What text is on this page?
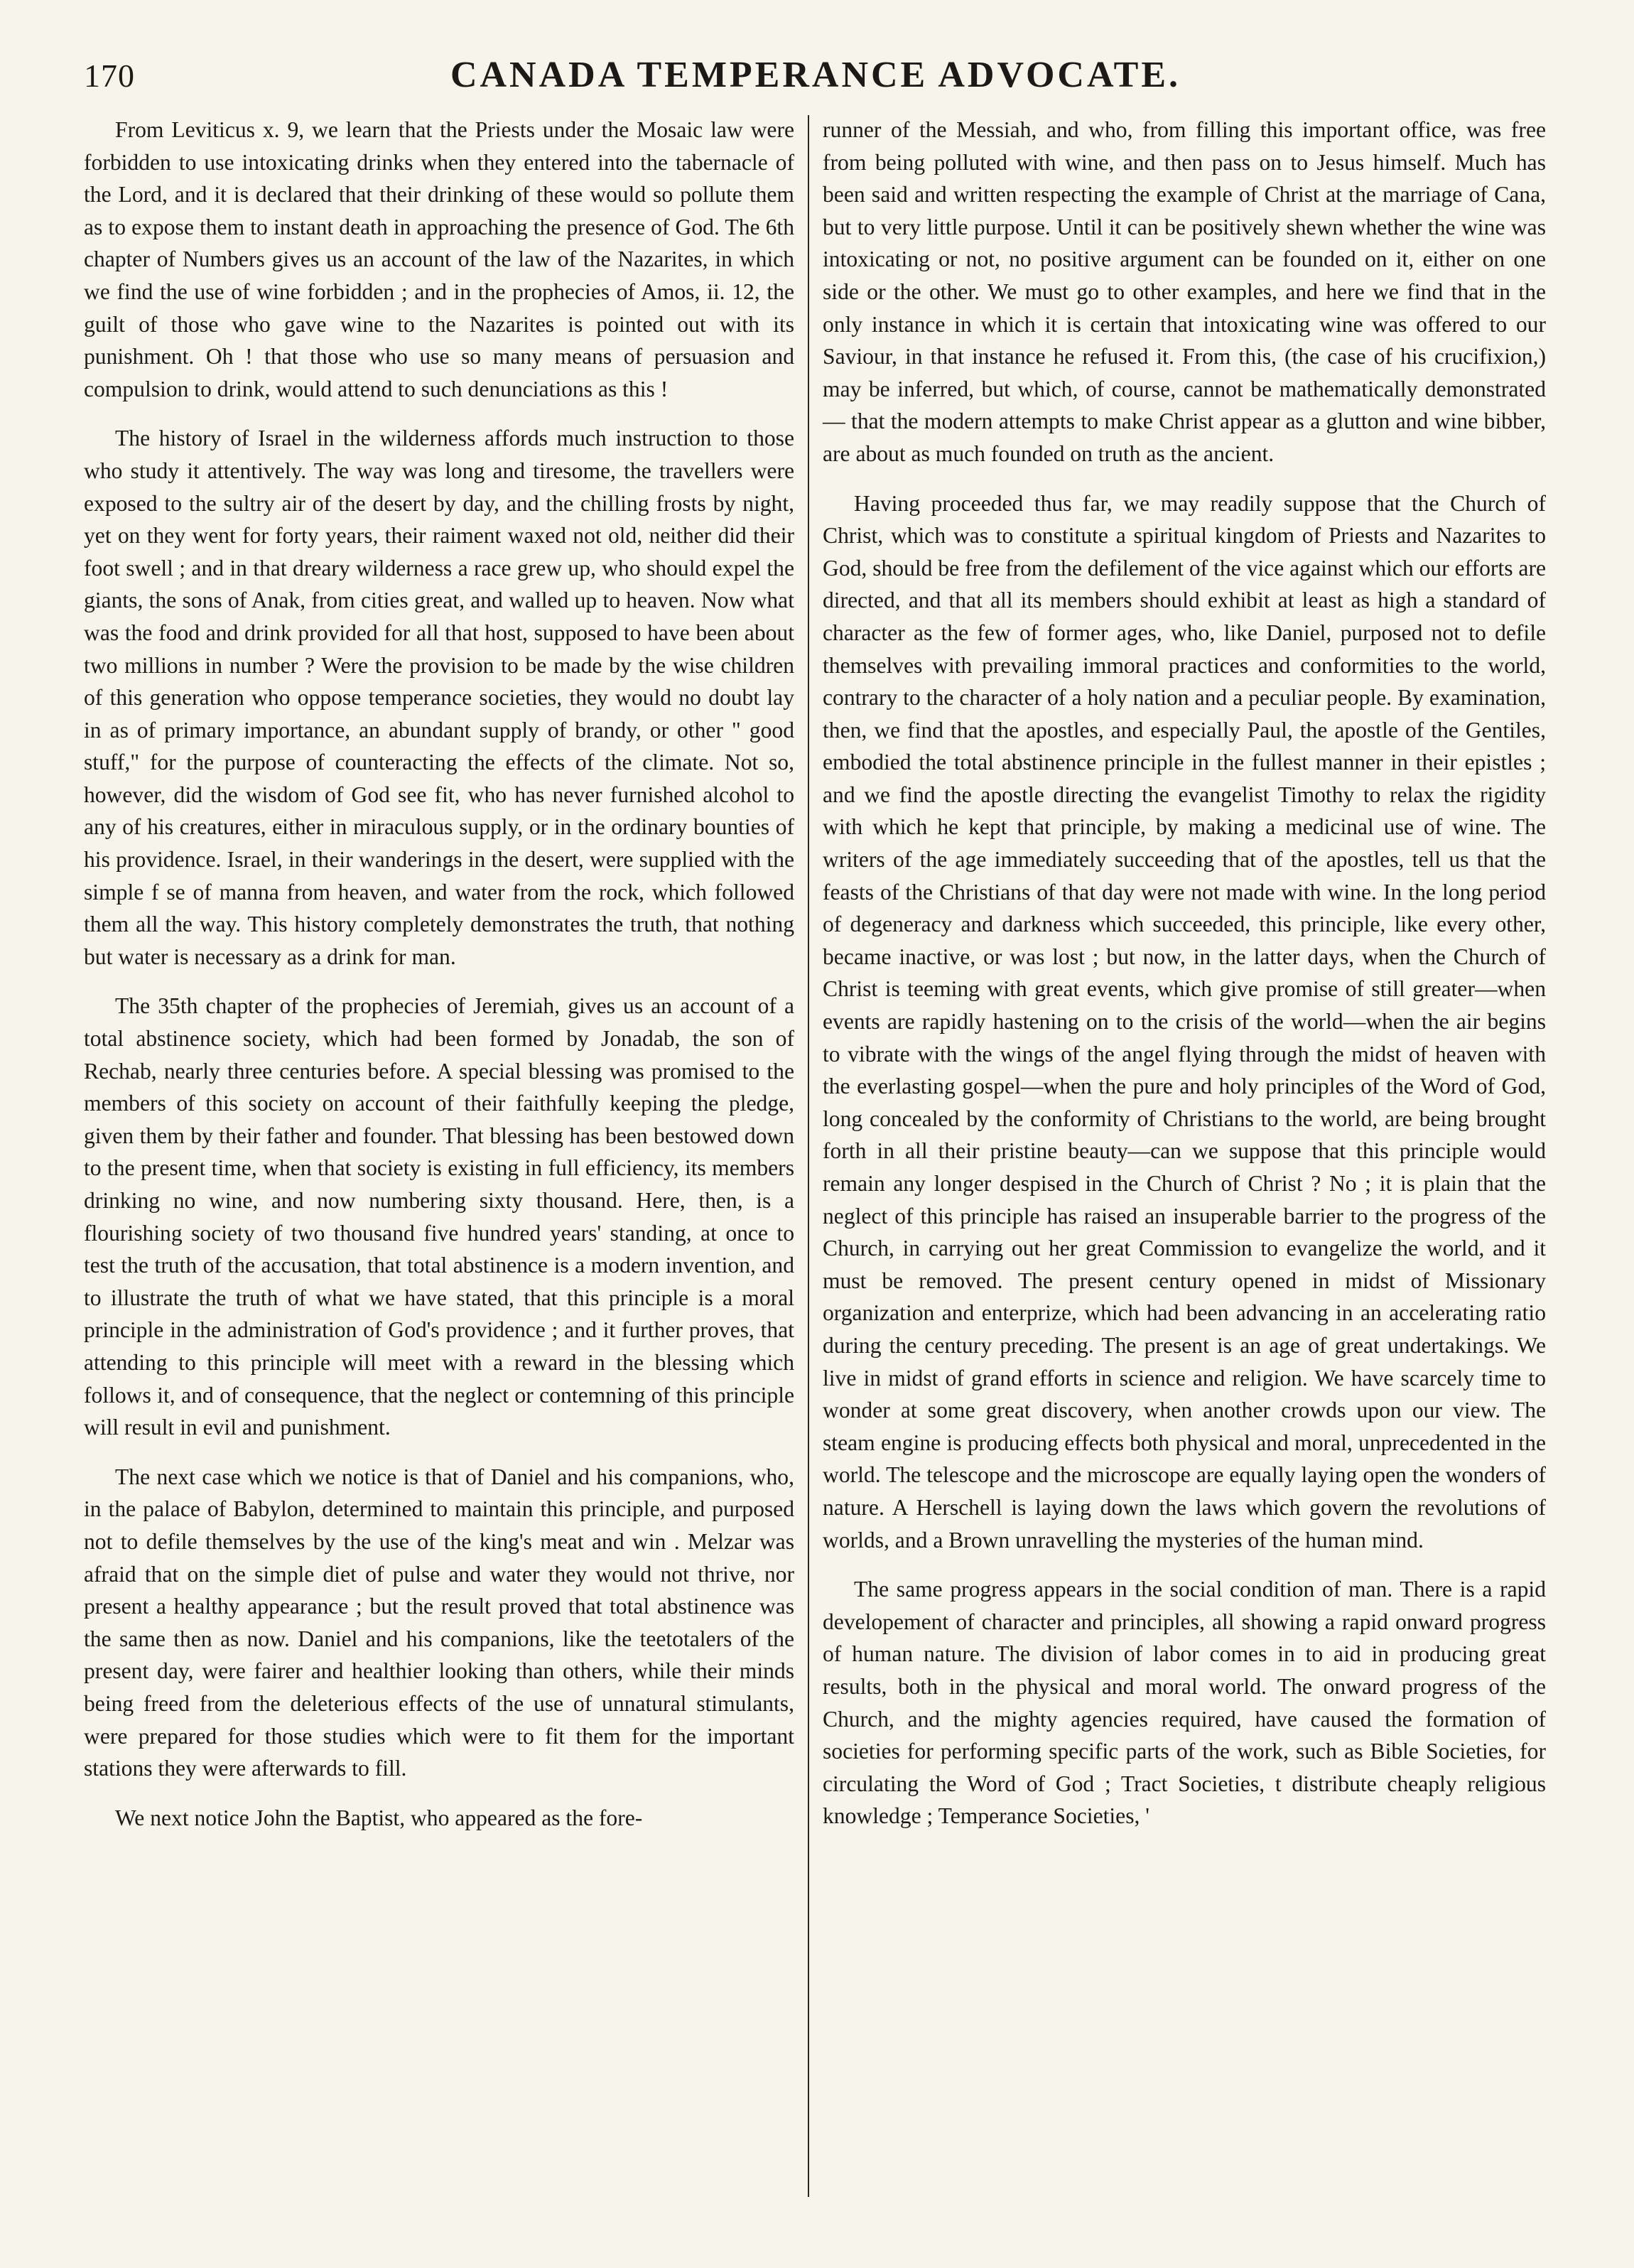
170	CANADA TEMPERANCE ADVOCATE.

From Leviticus x. 9, we learn that the Priests under the Mosaic law were forbidden to use intoxicating drinks when they entered into the tabernacle of the Lord, and it is declared that their drinking of these would so pollute them as to expose them to instant death in approaching the presence of God. The 6th chapter of Numbers gives us an account of the law of the Nazarites, in which we find the use of wine forbidden ; and in the prophecies of Amos, ii. 12, the guilt of those who gave wine to the Nazarites is pointed out with its punishment. Oh ! that those who use so many means of persuasion and compulsion to drink, would attend to such denunciations as this !

The history of Israel in the wilderness affords much instruction to those who study it attentively. The way was long and tiresome, the travellers were exposed to the sultry air of the desert by day, and the chilling frosts by night, yet on they went for forty years, their raiment waxed not old, neither did their foot swell ; and in that dreary wilderness a race grew up, who should expel the giants, the sons of Anak, from cities great, and walled up to heaven. Now what was the food and drink provided for all that host, supposed to have been about two millions in number ? Were the provision to be made by the wise children of this generation who oppose temperance societies, they would no doubt lay in as of primary importance, an abundant supply of brandy, or other " good stuff," for the purpose of counteracting the effects of the climate. Not so, however, did the wisdom of God see fit, who has never furnished alcohol to any of his creatures, either in miraculous supply, or in the ordinary bounties of his providence. Israel, in their wanderings in the desert, were supplied with the simple f se of manna from heaven, and water from the rock, which followed them all the way. This history completely demonstrates the truth, that nothing but water is necessary as a drink for man.

The 35th chapter of the prophecies of Jeremiah, gives us an account of a total abstinence society, which had been formed by Jonadab, the son of Rechab, nearly three centuries before. A special blessing was promised to the members of this society on account of their faithfully keeping the pledge, given them by their father and founder. That blessing has been bestowed down to the present time, when that society is existing in full efficiency, its members drinking no wine, and now numbering sixty thousand. Here, then, is a flourishing society of two thousand five hundred years' standing, at once to test the truth of the accusation, that total abstinence is a modern invention, and to illustrate the truth of what we have stated, that this principle is a moral principle in the administration of God's providence ; and it further proves, that attending to this principle will meet with a reward in the blessing which follows it, and of consequence, that the neglect or contemning of this principle will result in evil and punishment.

The next case which we notice is that of Daniel and his companions, who, in the palace of Babylon, determined to maintain this principle, and purposed not to defile themselves by the use of the king's meat and win . Melzar was afraid that on the simple diet of pulse and water they would not thrive, nor present a healthy appearance ; but the result proved that total abstinence was the same then as now. Daniel and his companions, like the teetotalers of the present day, were fairer and healthier looking than others, while their minds being freed from the deleterious effects of the use of unnatural stimulants, were prepared for those studies which were to fit them for the important stations they were afterwards to fill.

We next notice John the Baptist, who appeared as the fore-

runner of the Messiah, and who, from filling this important office, was free from being polluted with wine, and then pass on to Jesus himself. Much has been said and written respecting the example of Christ at the marriage of Cana, but to very little purpose. Until it can be positively shewn whether the wine was intoxicating or not, no positive argument can be founded on it, either on one side or the other. We must go to other examples, and here we find that in the only instance in which it is certain that intoxicating wine was offered to our Saviour, in that instance he refused it. From this, (the case of his crucifixion,) may be inferred, but which, of course, cannot be mathematically demonstrated— that the modern attempts to make Christ appear as a glutton and wine bibber, are about as much founded on truth as the ancient.

Having proceeded thus far, we may readily suppose that the Church of Christ, which was to constitute a spiritual kingdom of Priests and Nazarites to God, should be free from the defilement of the vice against which our efforts are directed, and that all its members should exhibit at least as high a standard of character as the few of former ages, who, like Daniel, purposed not to defile themselves with prevailing immoral practices and conformities to the world, contrary to the character of a holy nation and a peculiar people. By examination, then, we find that the apostles, and especially Paul, the apostle of the Gentiles, embodied the total abstinence principle in the fullest manner in their epistles ; and we find the apostle directing the evangelist Timothy to relax the rigidity with which he kept that principle, by making a medicinal use of wine. The writers of the age immediately succeeding that of the apostles, tell us that the feasts of the Christians of that day were not made with wine. In the long period of degeneracy and darkness which succeeded, this principle, like every other, became inactive, or was lost ; but now, in the latter days, when the Church of Christ is teeming with great events, which give promise of still greater—when events are rapidly hastening on to the crisis of the world—when the air begins to vibrate with the wings of the angel flying through the midst of heaven with the everlasting gospel—when the pure and holy principles of the Word of God, long concealed by the conformity of Christians to the world, are being brought forth in all their pristine beauty—can we suppose that this principle would remain any longer despised in the Church of Christ ? No ; it is plain that the neglect of this principle has raised an insuperable barrier to the progress of the Church, in carrying out her great Commission to evangelize the world, and it must be removed. The present century opened in midst of Missionary organization and enterprize, which had been advancing in an accelerating ratio during the century preceding. The present is an age of great undertakings. We live in midst of grand efforts in science and religion. We have scarcely time to wonder at some great discovery, when another crowds upon our view. The steam engine is producing effects both physical and moral, unprecedented in the world. The telescope and the microscope are equally laying open the wonders of nature. A Herschell is laying down the laws which govern the revolutions of worlds, and a Brown unravelling the mysteries of the human mind.

The same progress appears in the social condition of man. There is a rapid developement of character and principles, all showing a rapid onward progress of human nature. The division of labor comes in to aid in producing great results, both in the physical and moral world. The onward progress of the Church, and the mighty agencies required, have caused the formation of societies for performing specific parts of the work, such as Bible Societies, for circulating the Word of God ; Tract Societies, t distribute cheaply religious knowledge ; Temperance Societies, '
